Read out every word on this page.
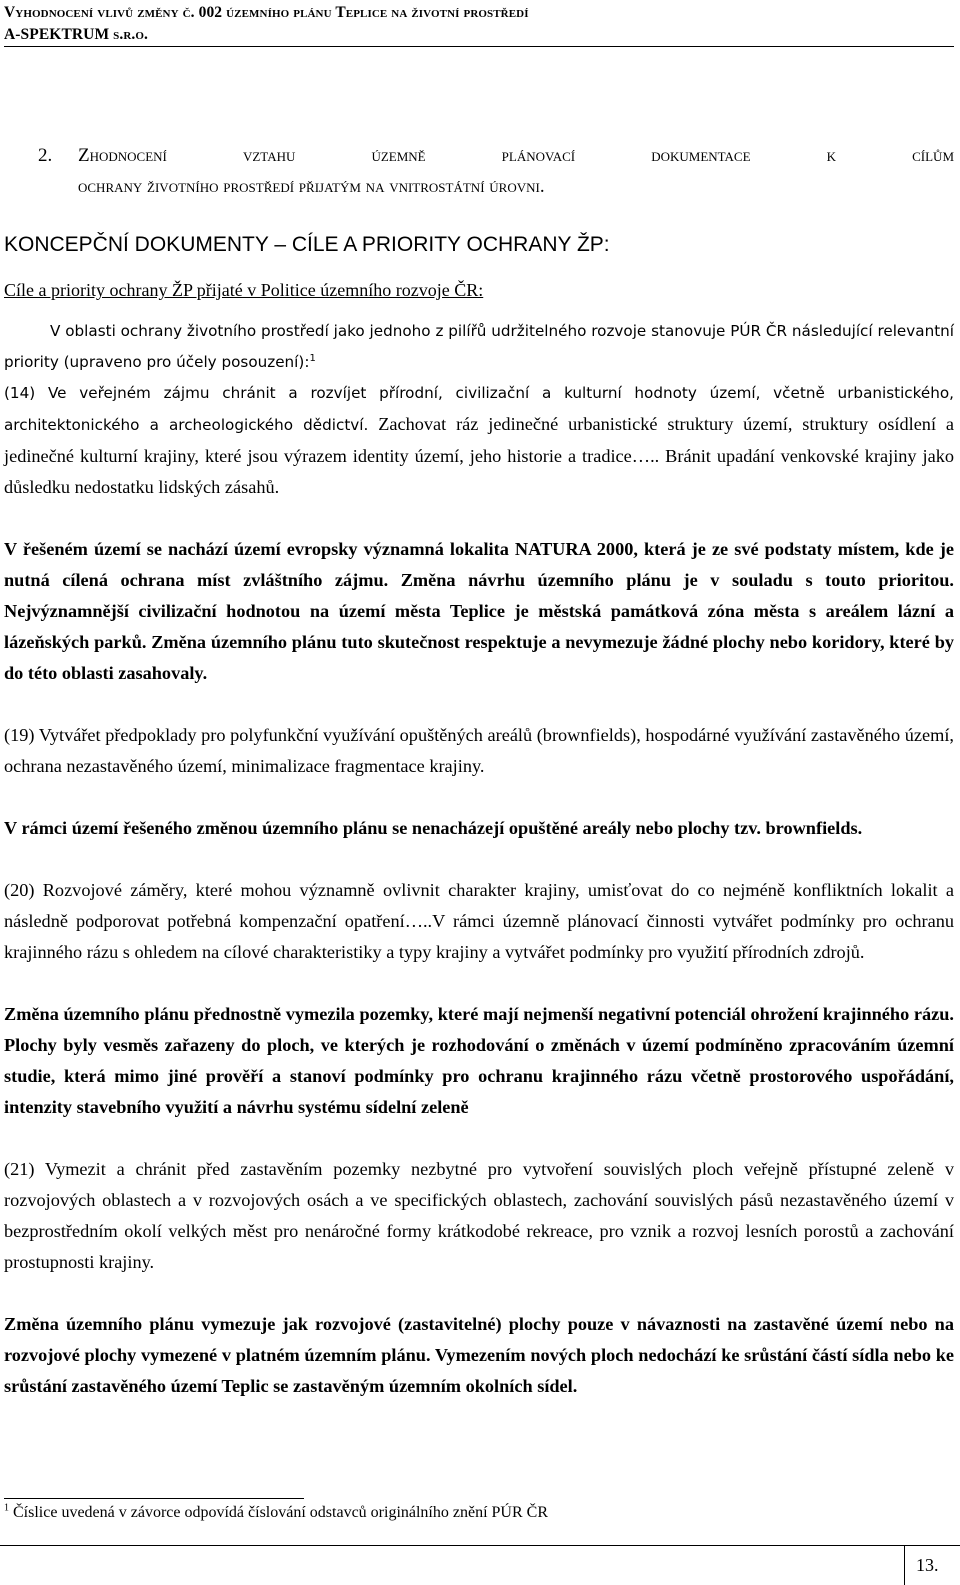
Vyhodnocení vlivů změny č. 002 územního plánu Teplice na životní prostředí
A-SPEKTRUM s.r.o.
2. Zhodnocení vztahu územně plánovací dokumentace k cílům
ochrany životního prostředí přijatým na vnitrostátní úrovni.
KONCEPČNÍ DOKUMENTY – CÍLE A PRIORITY OCHRANY ŽP:
Cíle a priority ochrany ŽP přijaté v Politice územního rozvoje ČR:
V oblasti ochrany životního prostředí jako jednoho z pilířů udržitelného rozvoje stanovuje PÚR ČR následující relevantní priority (upraveno pro účely posouzení):$^1$
(14) Ve veřejném zájmu chránit a rozvíjet přírodní, civilizační a kulturní hodnoty území, včetně urbanistického, architektonického a archeologického dědictví. Zachovat ráz jedinečné urbanistické struktury území, struktury osídlení a jedinečné kulturní krajiny, které jsou výrazem identity území, jeho historie a tradice….. Bránit upadání venkovské krajiny jako důsledku nedostatku lidských zásahů.
V řešeném území se nachází území evropsky významná lokalita NATURA 2000, která je ze své podstaty místem, kde je nutná cílená ochrana míst zvláštního zájmu. Změna návrhu územního plánu je v souladu s touto prioritou. Nejvýznamnější civilizační hodnotou na území města Teplice je městská památková zóna města s areálem lázní a lázeňských parků. Změna územního plánu tuto skutečnost respektuje a nevymezuje žádné plochy nebo koridory, které by do této oblasti zasahovaly.
(19) Vytvářet předpoklady pro polyfunkční využívání opuštěných areálů (brownfields), hospodárné využívání zastavěného území, ochrana nezastavěného území, minimalizace fragmentace krajiny.
V rámci území řešeného změnou územního plánu se nenacházejí opuštěné areály nebo plochy tzv. brownfields.
(20) Rozvojové záměry, které mohou významně ovlivnit charakter krajiny, umisťovat do co nejméně konfliktních lokalit a následně podporovat potřebná kompenzační opatření…..V rámci územně plánovací činnosti vytvářet podmínky pro ochranu krajinného rázu s ohledem na cílové charakteristiky a typy krajiny a vytvářet podmínky pro využití přírodních zdrojů.
Změna územního plánu přednostně vymezila pozemky, které mají nejmenší negativní potenciál ohrožení krajinného rázu. Plochy byly vesměs zařazeny do ploch, ve kterých je rozhodování o změnách v území podmíněno zpracováním územní studie, která mimo jiné prověří a stanoví podmínky pro ochranu krajinného rázu včetně prostorového uspořádání, intenzity stavebního využití a návrhu systému sídelní zeleně
(21) Vymezit a chránit před zastavěním pozemky nezbytné pro vytvoření souvislých ploch veřejně přístupné zeleně v rozvojových oblastech a v rozvojových osách a ve specifických oblastech, zachování souvislých pásů nezastavěného území v bezprostředním okolí velkých měst pro nenáročné formy krátkodobé rekreace, pro vznik a rozvoj lesních porostů a zachování prostupnosti krajiny.
Změna územního plánu vymezuje jak rozvojové (zastavitelné) plochy pouze v návaznosti na zastavěné území nebo na rozvojové plochy vymezené v platném územním plánu. Vymezením nových ploch nedochází ke srůstání částí sídla nebo ke srůstání zastavěného území Teplic se zastavěným územním okolních sídel.
$^1$ Číslice uvedená v závorce odpovídá číslování odstavců originálního znění PÚR ČR
13.
